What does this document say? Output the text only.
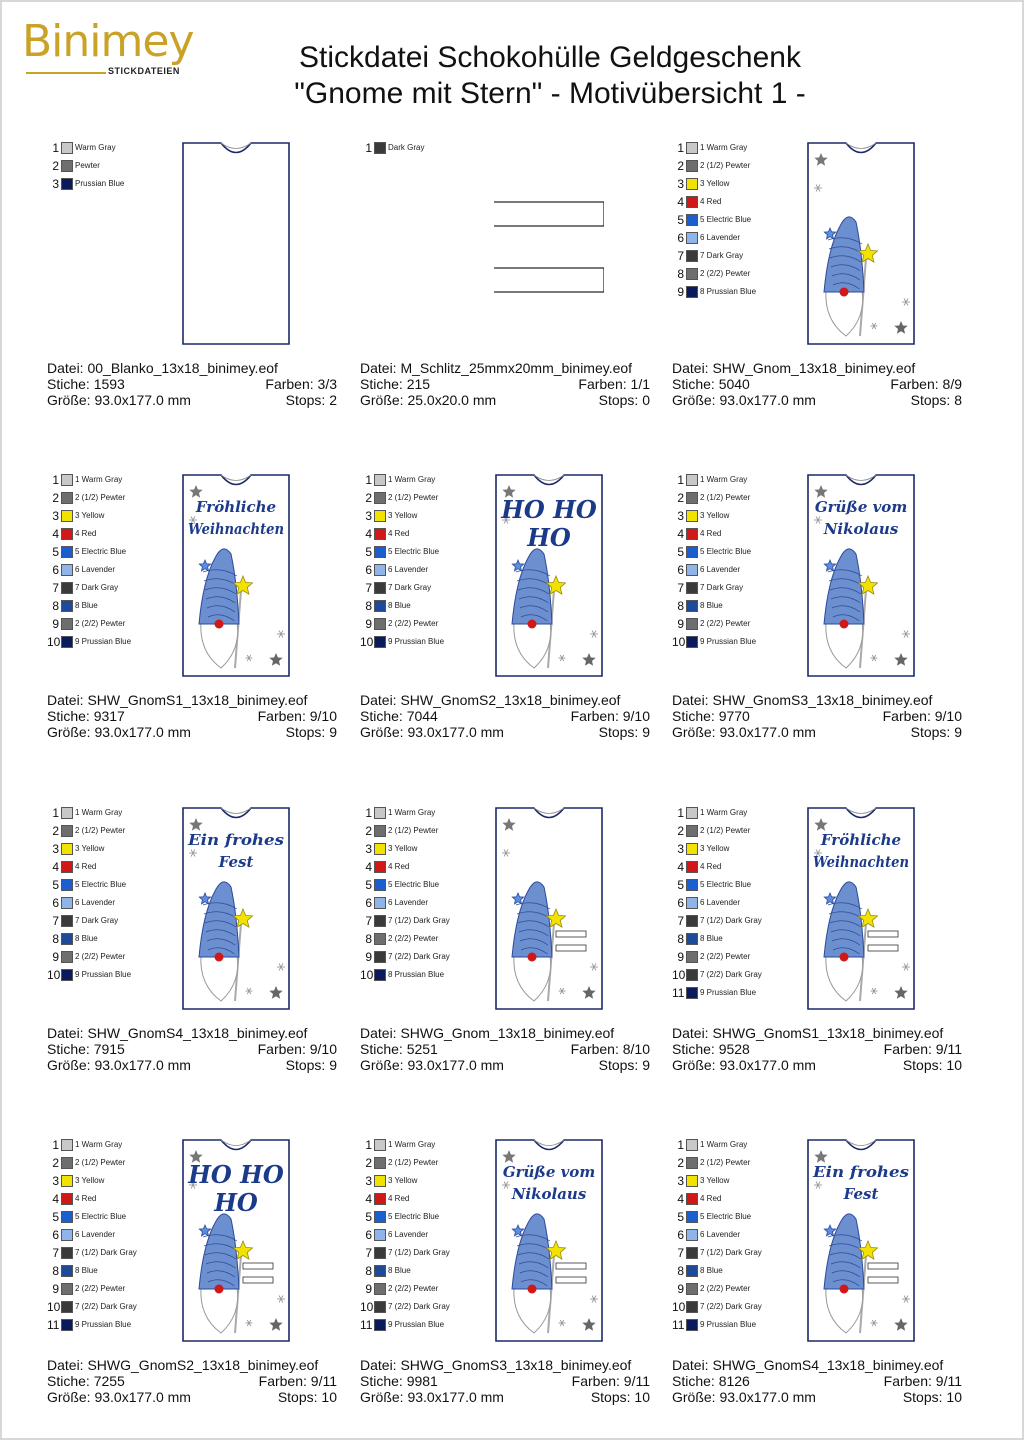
Binimey
STICKDATEIEN	Stickdatei Schokohülle Geldgeschenk
"Gnome mit Stern" - Motivübersicht 1 -
1 Warm Gray
2 Pewter
3 Prussian Blue
Datei: 00_Blanko_13x18_binimey.eof
Stiche: 1593	Farben: 3/3
Größe: 93.0x177.0 mm	Stops: 2
1 Dark Gray
Datei: M_Schlitz_25mmx20mm_binimey.eof
Stiche: 215	Farben: 1/1
Größe: 25.0x20.0 mm	Stops: 0
1 1 Warm Gray
2 2 (1/2) Pewter
3 3 Yellow
4 4 Red
5 5 Electric Blue
6 6 Lavender
7 7 Dark Gray
8 2 (2/2) Pewter
9 8 Prussian Blue
Datei: SHW_Gnom_13x18_binimey.eof
Stiche: 5040	Farben: 8/9
Größe: 93.0x177.0 mm	Stops: 8
1 1 Warm Gray
2 2 (1/2) Pewter
3 3 Yellow
4 4 Red
5 5 Electric Blue
6 6 Lavender
7 7 Dark Gray
8 8 Blue
9 2 (2/2) Pewter
10 9 Prussian Blue
Fröhliche
Weihnachten
Datei: SHW_GnomS1_13x18_binimey.eof
Stiche: 9317	Farben: 9/10
Größe: 93.0x177.0 mm	Stops: 9
1 1 Warm Gray
2 2 (1/2) Pewter
3 3 Yellow
4 4 Red
5 5 Electric Blue
6 6 Lavender
7 7 Dark Gray
8 8 Blue
9 2 (2/2) Pewter
10 9 Prussian Blue
HO HO
HO
Datei: SHW_GnomS2_13x18_binimey.eof
Stiche: 7044	Farben: 9/10
Größe: 93.0x177.0 mm	Stops: 9
1 1 Warm Gray
2 2 (1/2) Pewter
3 3 Yellow
4 4 Red
5 5 Electric Blue
6 6 Lavender
7 7 Dark Gray
8 8 Blue
9 2 (2/2) Pewter
10 9 Prussian Blue
Grüße vom
Nikolaus
Datei: SHW_GnomS3_13x18_binimey.eof
Stiche: 9770	Farben: 9/10
Größe: 93.0x177.0 mm	Stops: 9
1 1 Warm Gray
2 2 (1/2) Pewter
3 3 Yellow
4 4 Red
5 5 Electric Blue
6 6 Lavender
7 7 Dark Gray
8 8 Blue
9 2 (2/2) Pewter
10 9 Prussian Blue
Ein frohes
Fest
Datei: SHW_GnomS4_13x18_binimey.eof
Stiche: 7915	Farben: 9/10
Größe: 93.0x177.0 mm	Stops: 9
1 1 Warm Gray
2 2 (1/2) Pewter
3 3 Yellow
4 4 Red
5 5 Electric Blue
6 6 Lavender
7 7 (1/2) Dark Gray
8 2 (2/2) Pewter
9 7 (2/2) Dark Gray
10 8 Prussian Blue
Datei: SHWG_Gnom_13x18_binimey.eof
Stiche: 5251	Farben: 8/10
Größe: 93.0x177.0 mm	Stops: 9
1 1 Warm Gray
2 2 (1/2) Pewter
3 3 Yellow
4 4 Red
5 5 Electric Blue
6 6 Lavender
7 7 (1/2) Dark Gray
8 8 Blue
9 2 (2/2) Pewter
10 7 (2/2) Dark Gray
11 9 Prussian Blue
Fröhliche
Weihnachten
Datei: SHWG_GnomS1_13x18_binimey.eof
Stiche: 9528	Farben: 9/11
Größe: 93.0x177.0 mm	Stops: 10
1 1 Warm Gray
2 2 (1/2) Pewter
3 3 Yellow
4 4 Red
5 5 Electric Blue
6 6 Lavender
7 7 (1/2) Dark Gray
8 8 Blue
9 2 (2/2) Pewter
10 7 (2/2) Dark Gray
11 9 Prussian Blue
HO HO
HO
Datei: SHWG_GnomS2_13x18_binimey.eof
Stiche: 7255	Farben: 9/11
Größe: 93.0x177.0 mm	Stops: 10
1 1 Warm Gray
2 2 (1/2) Pewter
3 3 Yellow
4 4 Red
5 5 Electric Blue
6 6 Lavender
7 7 (1/2) Dark Gray
8 8 Blue
9 2 (2/2) Pewter
10 7 (2/2) Dark Gray
11 9 Prussian Blue
Grüße vom
Nikolaus
Datei: SHWG_GnomS3_13x18_binimey.eof
Stiche: 9981	Farben: 9/11
Größe: 93.0x177.0 mm	Stops: 10
1 1 Warm Gray
2 2 (1/2) Pewter
3 3 Yellow
4 4 Red
5 5 Electric Blue
6 6 Lavender
7 7 (1/2) Dark Gray
8 8 Blue
9 2 (2/2) Pewter
10 7 (2/2) Dark Gray
11 9 Prussian Blue
Ein frohes
Fest
Datei: SHWG_GnomS4_13x18_binimey.eof
Stiche: 8126	Farben: 9/11
Größe: 93.0x177.0 mm	Stops: 10
